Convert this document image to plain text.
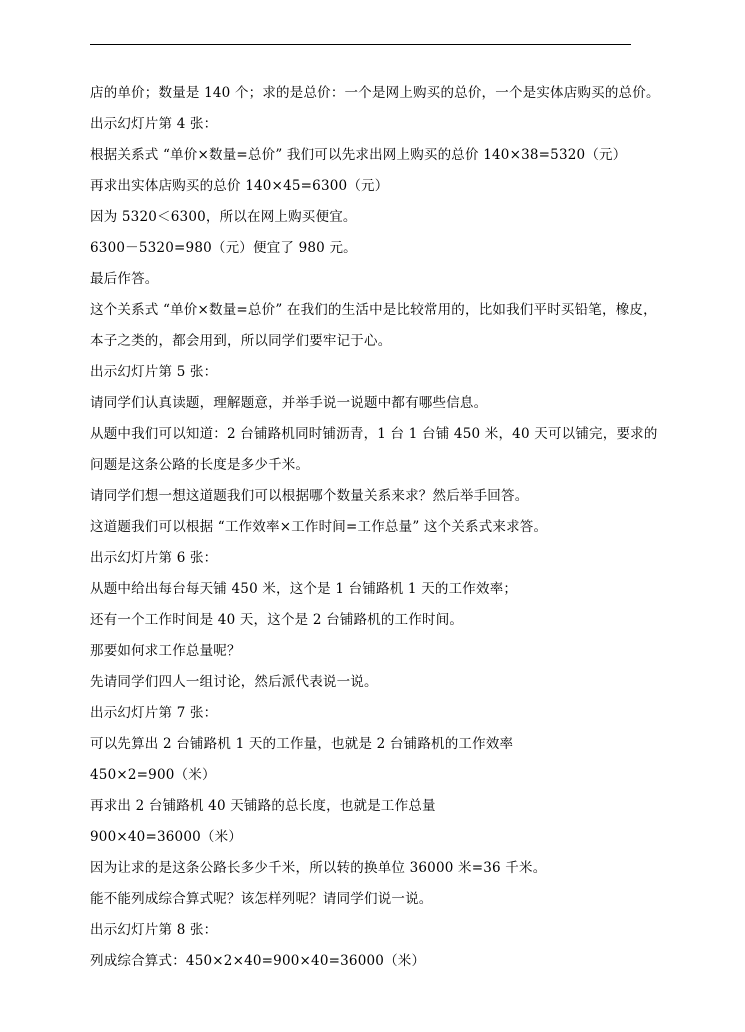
店的单价；数量是 140 个；求的是总价：一个是网上购买的总价，一个是实体店购买的总价。
出示幻灯片第 4 张：
根据关系式 “单价×数量=总价” 我们可以先求出网上购买的总价 140×38=5320（元）
再求出实体店购买的总价 140×45=6300（元）
因为 5320＜6300，所以在网上购买便宜。
6300－5320=980（元）便宜了 980 元。
最后作答。
这个关系式 “单价×数量=总价” 在我们的生活中是比较常用的，比如我们平时买铅笔，橡皮，
本子之类的，都会用到，所以同学们要牢记于心。
出示幻灯片第 5 张：
请同学们认真读题，理解题意，并举手说一说题中都有哪些信息。
从题中我们可以知道：2 台铺路机同时铺沥青，1 台 1 台铺 450 米，40 天可以铺完，要求的
问题是这条公路的长度是多少千米。
请同学们想一想这道题我们可以根据哪个数量关系来求？然后举手回答。
这道题我们可以根据 “工作效率×工作时间=工作总量” 这个关系式来求答。
出示幻灯片第 6 张：
从题中给出每台每天铺 450 米，这个是 1 台铺路机 1 天的工作效率；
还有一个工作时间是 40 天，这个是 2 台铺路机的工作时间。
那要如何求工作总量呢？
先请同学们四人一组讨论，然后派代表说一说。
出示幻灯片第 7 张：
可以先算出 2 台铺路机 1 天的工作量，也就是 2 台铺路机的工作效率
450×2=900（米）
再求出 2 台铺路机 40 天铺路的总长度，也就是工作总量
900×40=36000（米）
因为让求的是这条公路长多少千米，所以转的换单位 36000 米=36 千米。
能不能列成综合算式呢？该怎样列呢？请同学们说一说。
出示幻灯片第 8 张：
列成综合算式：450×2×40=900×40=36000（米）
